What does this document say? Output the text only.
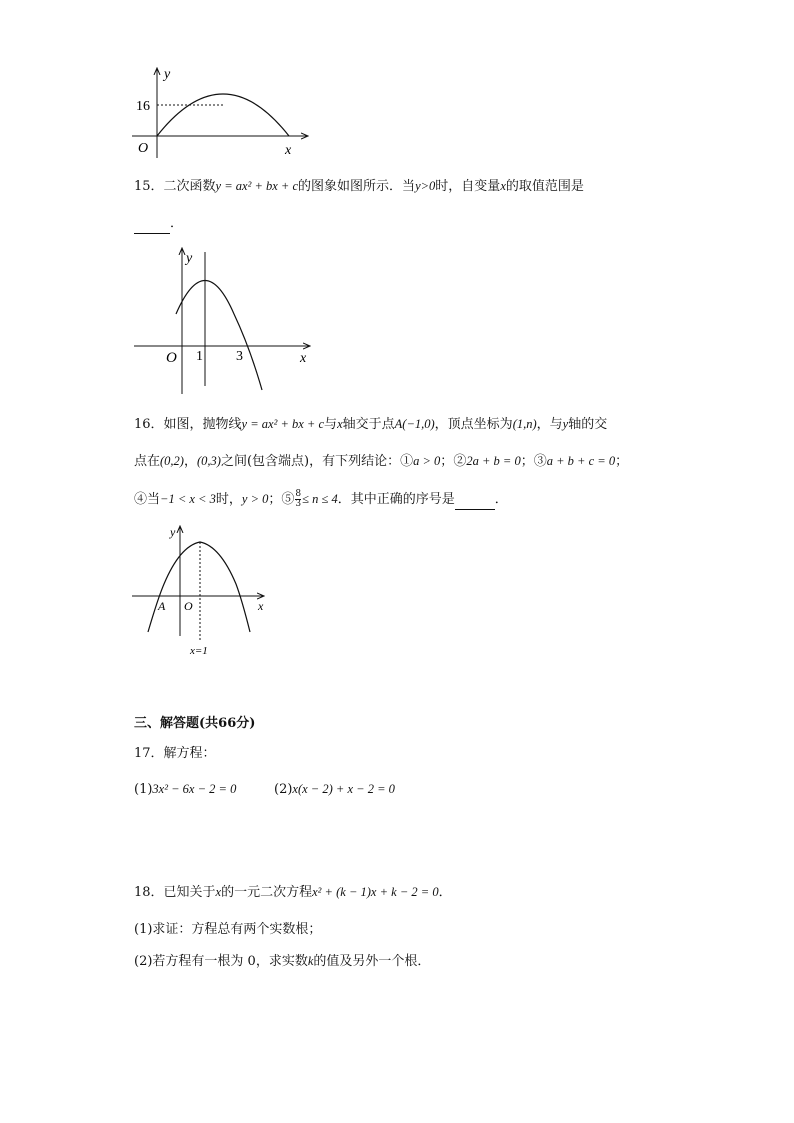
y
16
O	x
15．二次函数y = ax² + bx + c的图象如图所示．当y>0时，自变量x的取值范围是
．
y
O 1 3	x
16．如图，抛物线y = ax² + bx + c与x轴交于点A(−1,0)，顶点坐标为(1,n)，与y轴的交
点在(0,2)，(0,3)之间(包含端点)，有下列结论：①a > 0；②2a + b = 0；③a + b + c = 0；
④当−1 < x < 3时，y > 0；⑤ $\frac{8}{3} \le n \le 4$．其中正确的序号是	．
y
A O	x
x=1
三、解答题(共66分)
17．解方程：
(1)3x² − 6x − 2 = 0	(2)x(x − 2) + x − 2 = 0
18．已知关于x的一元二次方程x² + (k − 1)x + k − 2 = 0．
(1)求证：方程总有两个实数根；
(2)若方程有一根为 0，求实数k的值及另外一个根．
